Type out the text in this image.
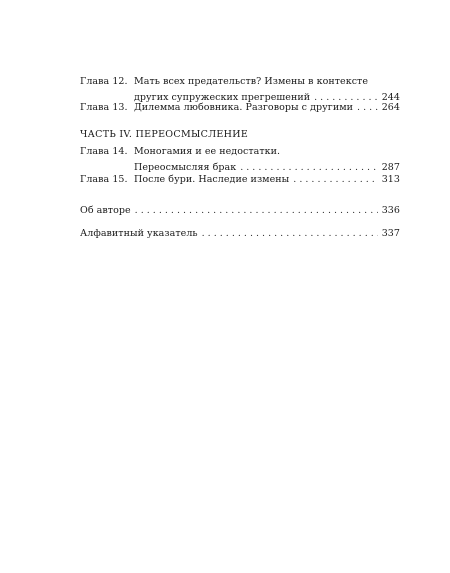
Глава 12. Мать всех предательств? Измены в контексте
других супружеских прегрешений . . .	244
Глава 13. Дилемма любовника. Разговоры с другими . . .	264
ЧАСТЬ IV. ПЕРЕОСМЫСЛЕНИЕ
Глава 14. Моногамия и ее недостатки.
Переосмысляя брак . . .	287
Глава 15. После бури. Наследие измены . . .	313
Об авторе . . .	336
Алфавитный указатель . . .	337
